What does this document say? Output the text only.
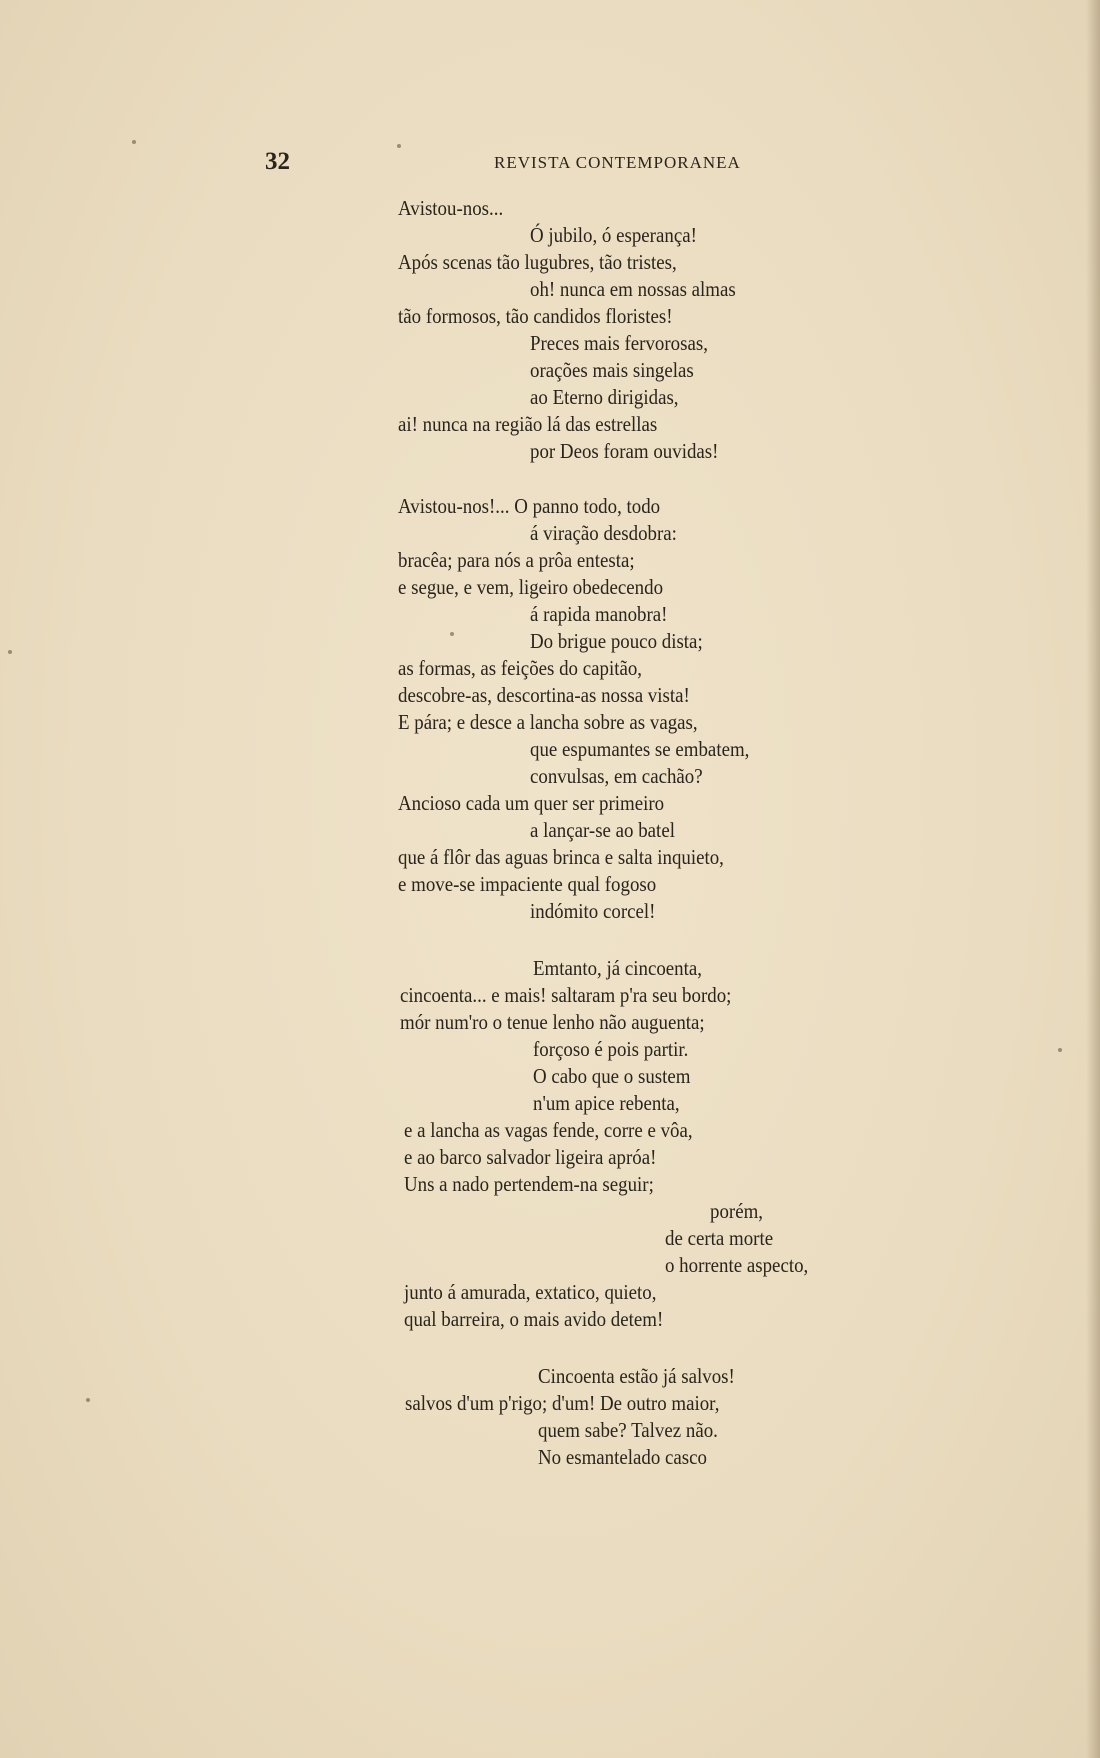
32	REVISTA CONTEMPORANEA
Avistou-nos...
Ó jubilo, ó esperança!
Após scenas tão lugubres, tão tristes,
oh! nunca em nossas almas
tão formosos, tão candidos floristes!
Preces mais fervorosas,
orações mais singelas
ao Eterno dirigidas,
ai! nunca na região lá das estrellas
por Deos foram ouvidas!
Avistou-nos!... O panno todo, todo
á viração desdobra:
bracêa; para nós a prôa entesta;
e segue, e vem, ligeiro obedecendo
á rapida manobra!
Do brigue pouco dista;
as formas, as feições do capitão,
descobre-as, descortina-as nossa vista!
E pára; e desce a lancha sobre as vagas,
que espumantes se embatem,
convulsas, em cachão?
Ancioso cada um quer ser primeiro
a lançar-se ao batel
que á flôr das aguas brinca e salta inquieto,
e move-se impaciente qual fogoso
indómito corcel!
Emtanto, já cincoenta,
cincoenta... e mais! saltaram p'ra seu bordo;
mór num'ro o tenue lenho não auguenta;
forçoso é pois partir.
O cabo que o sustem
n'um apice rebenta,
e a lancha as vagas fende, corre e vôa,
e ao barco salvador ligeira apróa!
Uns a nado pertendem-na seguir;
porém,
de certa morte
o horrente aspecto,
junto á amurada, extatico, quieto,
qual barreira, o mais avido detem!
Cincoenta estão já salvos!
salvos d'um p'rigo; d'um! De outro maior,
quem sabe? Talvez não.
No esmantelado casco
